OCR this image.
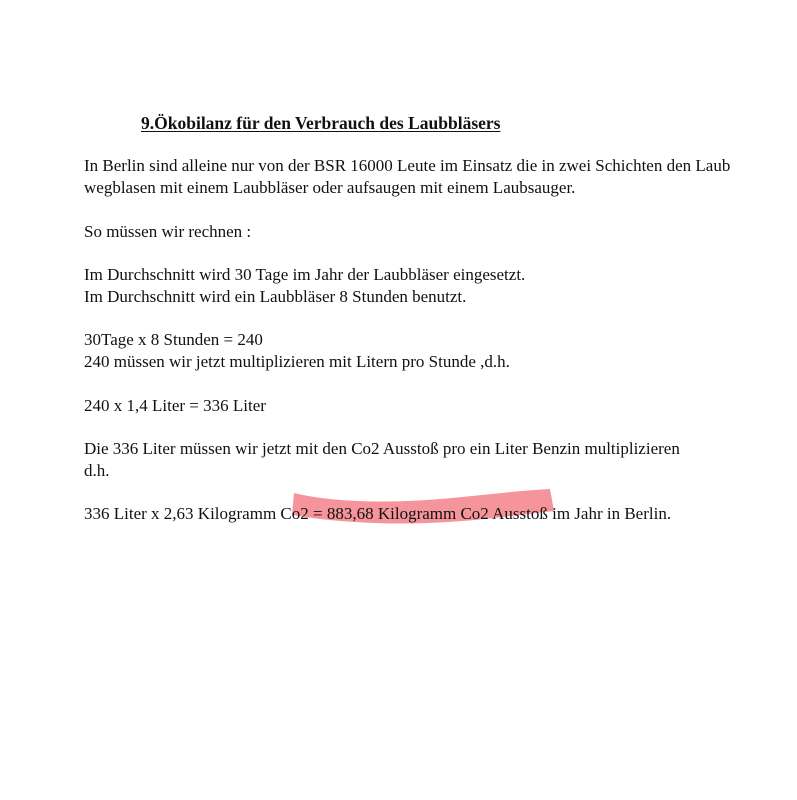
9.Ökobilanz für den Verbrauch des Laubbläsers
In Berlin sind alleine nur von der BSR 16000 Leute im Einsatz die in zwei Schichten den Laub
wegblasen mit einem Laubbläser oder aufsaugen mit einem Laubsauger.
So müssen wir rechnen :
Im Durchschnitt wird 30 Tage im Jahr der Laubbläser eingesetzt.
Im Durchschnitt wird ein Laubbläser 8 Stunden benutzt.
30Tage x 8 Stunden = 240
240 müssen wir jetzt multiplizieren mit Litern pro Stunde ,d.h.
240 x 1,4 Liter = 336 Liter
Die 336 Liter müssen wir jetzt mit den Co2 Ausstoß pro ein Liter Benzin multiplizieren
d.h.
336 Liter x 2,63 Kilogramm Co2 = 883,68 Kilogramm Co2 Ausstoß im Jahr in Berlin.
